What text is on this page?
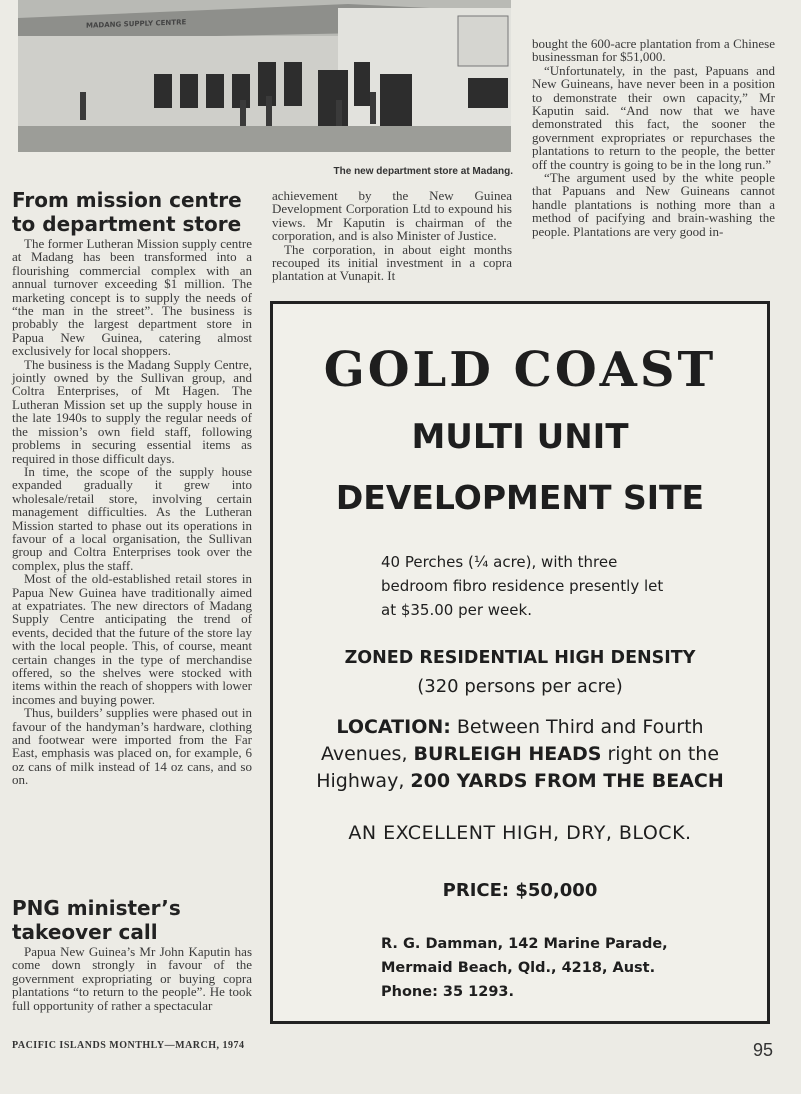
MADANG SUPPLY CENTRE
The new department store at Madang.
From mission centre to department store

The former Lutheran Mission supply centre at Madang has been transformed into a flourishing commercial complex with an annual turnover exceeding $1 million. The marketing concept is to supply the needs of “the man in the street”. The business is probably the largest department store in Papua New Guinea, catering almost exclusively for local shoppers.

The business is the Madang Supply Centre, jointly owned by the Sullivan group, and Coltra Enterprises, of Mt Hagen. The Lutheran Mission set up the supply house in the late 1940s to supply the regular needs of the mission’s own field staff, following problems in securing essential items as required in those difficult days.

In time, the scope of the supply house expanded gradually it grew into wholesale/retail store, involving certain management difficulties. As the Lutheran Mission started to phase out its operations in favour of a local organisation, the Sullivan group and Coltra Enterprises took over the complex, plus the staff.

Most of the old-established retail stores in Papua New Guinea have traditionally aimed at expatriates. The new directors of Madang Supply Centre anticipating the trend of events, decided that the future of the store lay with the local people. This, of course, meant certain changes in the type of merchandise offered, so the shelves were stocked with items within the reach of shoppers with lower incomes and buying power.

Thus, builders’ supplies were phased out in favour of the handyman’s hardware, clothing and footwear were imported from the Far East, emphasis was placed on, for example, 6 oz cans of milk instead of 14 oz cans, and so on.

PNG minister’s takeover call

Papua New Guinea’s Mr John Kaputin has come down strongly in favour of the government expropriating or buying copra plantations “to return to the people”. He took full opportunity of rather a spectacular

achievement by the New Guinea Development Corporation Ltd to expound his views. Mr Kaputin is chairman of the corporation, and is also Minister of Justice.

The corporation, in about eight months recouped its initial investment in a copra plantation at Vunapit. It

bought the 600-acre plantation from a Chinese businessman for $51,000.

“Unfortunately, in the past, Papuans and New Guineans, have never been in a position to demonstrate their own capacity,” Mr Kaputin said. “And now that we have demonstrated this fact, the sooner the government expropriates or repurchases the plantations to return to the people, the better off the country is going to be in the long run.”

“The argument used by the white people that Papuans and New Guineans cannot handle plantations is nothing more than a method of pacifying and brain-washing the people. Plantations are very good in-

GOLD COAST
MULTI UNIT
DEVELOPMENT SITE
40 Perches (¼ acre), with three bedroom fibro residence presently let at $35.00 per week.
ZONED RESIDENTIAL HIGH DENSITY
(320 persons per acre)
LOCATION: Between Third and Fourth Avenues, BURLEIGH HEADS right on the Highway, 200 YARDS FROM THE BEACH
AN EXCELLENT HIGH, DRY, BLOCK.
PRICE: $50,000
R. G. Damman, 142 Marine Parade,
Mermaid Beach, Qld., 4218, Aust.
Phone: 35 1293.
PACIFIC ISLANDS MONTHLY—MARCH, 1974	95
